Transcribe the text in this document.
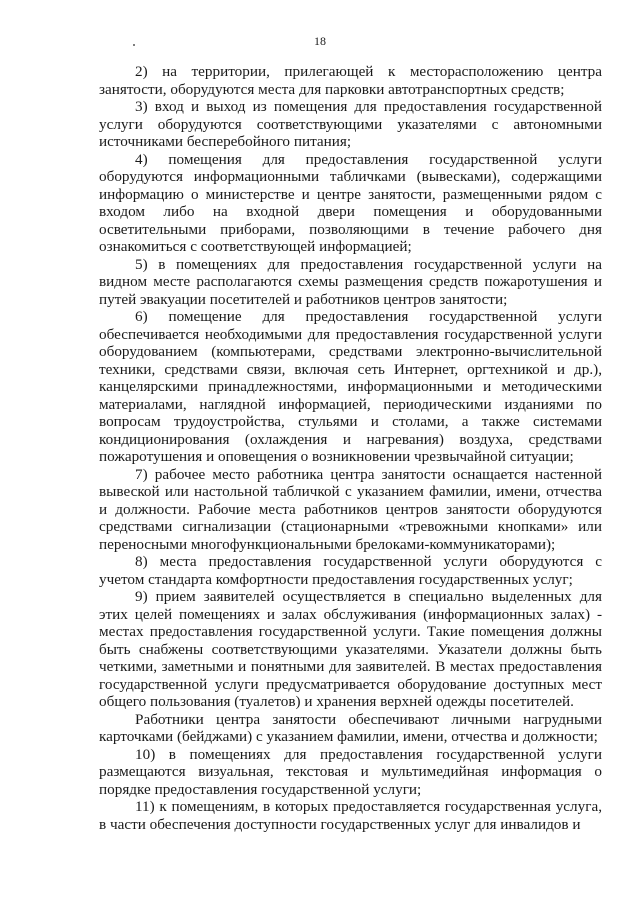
18

2) на территории, прилегающей к месторасположению центра занятости, оборудуются места для парковки автотранспортных средств;

3) вход и выход из помещения для предоставления государственной услуги оборудуются соответствующими указателями с автономными источниками бесперебойного питания;

4) помещения для предоставления государственной услуги оборудуются информационными табличками (вывесками), содержащими информацию о министерстве и центре занятости, размещенными рядом с входом либо на входной двери помещения и оборудованными осветительными приборами, позволяющими в течение рабочего дня ознакомиться с соответствующей информацией;

5) в помещениях для предоставления государственной услуги на видном месте располагаются схемы размещения средств пожаротушения и путей эвакуации посетителей и работников центров занятости;

6) помещение для предоставления государственной услуги обеспечивается необходимыми для предоставления государственной услуги оборудованием (компьютерами, средствами электронно-вычислительной техники, средствами связи, включая сеть Интернет, оргтехникой и др.), канцелярскими принадлежностями, информационными и методическими материалами, наглядной информацией, периодическими изданиями по вопросам трудоустройства, стульями и столами, а также системами кондиционирования (охлаждения и нагревания) воздуха, средствами пожаротушения и оповещения о возникновении чрезвычайной ситуации;

7) рабочее место работника центра занятости оснащается настенной вывеской или настольной табличкой с указанием фамилии, имени, отчества и должности. Рабочие места работников центров занятости оборудуются средствами сигнализации (стационарными «тревожными кнопками» или переносными многофункциональными брелоками-коммуникаторами);

8) места предоставления государственной услуги оборудуются с учетом стандарта комфортности предоставления государственных услуг;

9) прием заявителей осуществляется в специально выделенных для этих целей помещениях и залах обслуживания (информационных залах) - местах предоставления государственной услуги. Такие помещения должны быть снабжены соответствующими указателями. Указатели должны быть четкими, заметными и понятными для заявителей. В местах предоставления государственной услуги предусматривается оборудование доступных мест общего пользования (туалетов) и хранения верхней одежды посетителей.

Работники центра занятости обеспечивают личными нагрудными карточками (бейджами) с указанием фамилии, имени, отчества и должности;

10) в помещениях для предоставления государственной услуги размещаются визуальная, текстовая и мультимедийная информация о порядке предоставления государственной услуги;

11) к помещениям, в которых предоставляется государственная услуга, в части обеспечения доступности государственных услуг для инвалидов и
